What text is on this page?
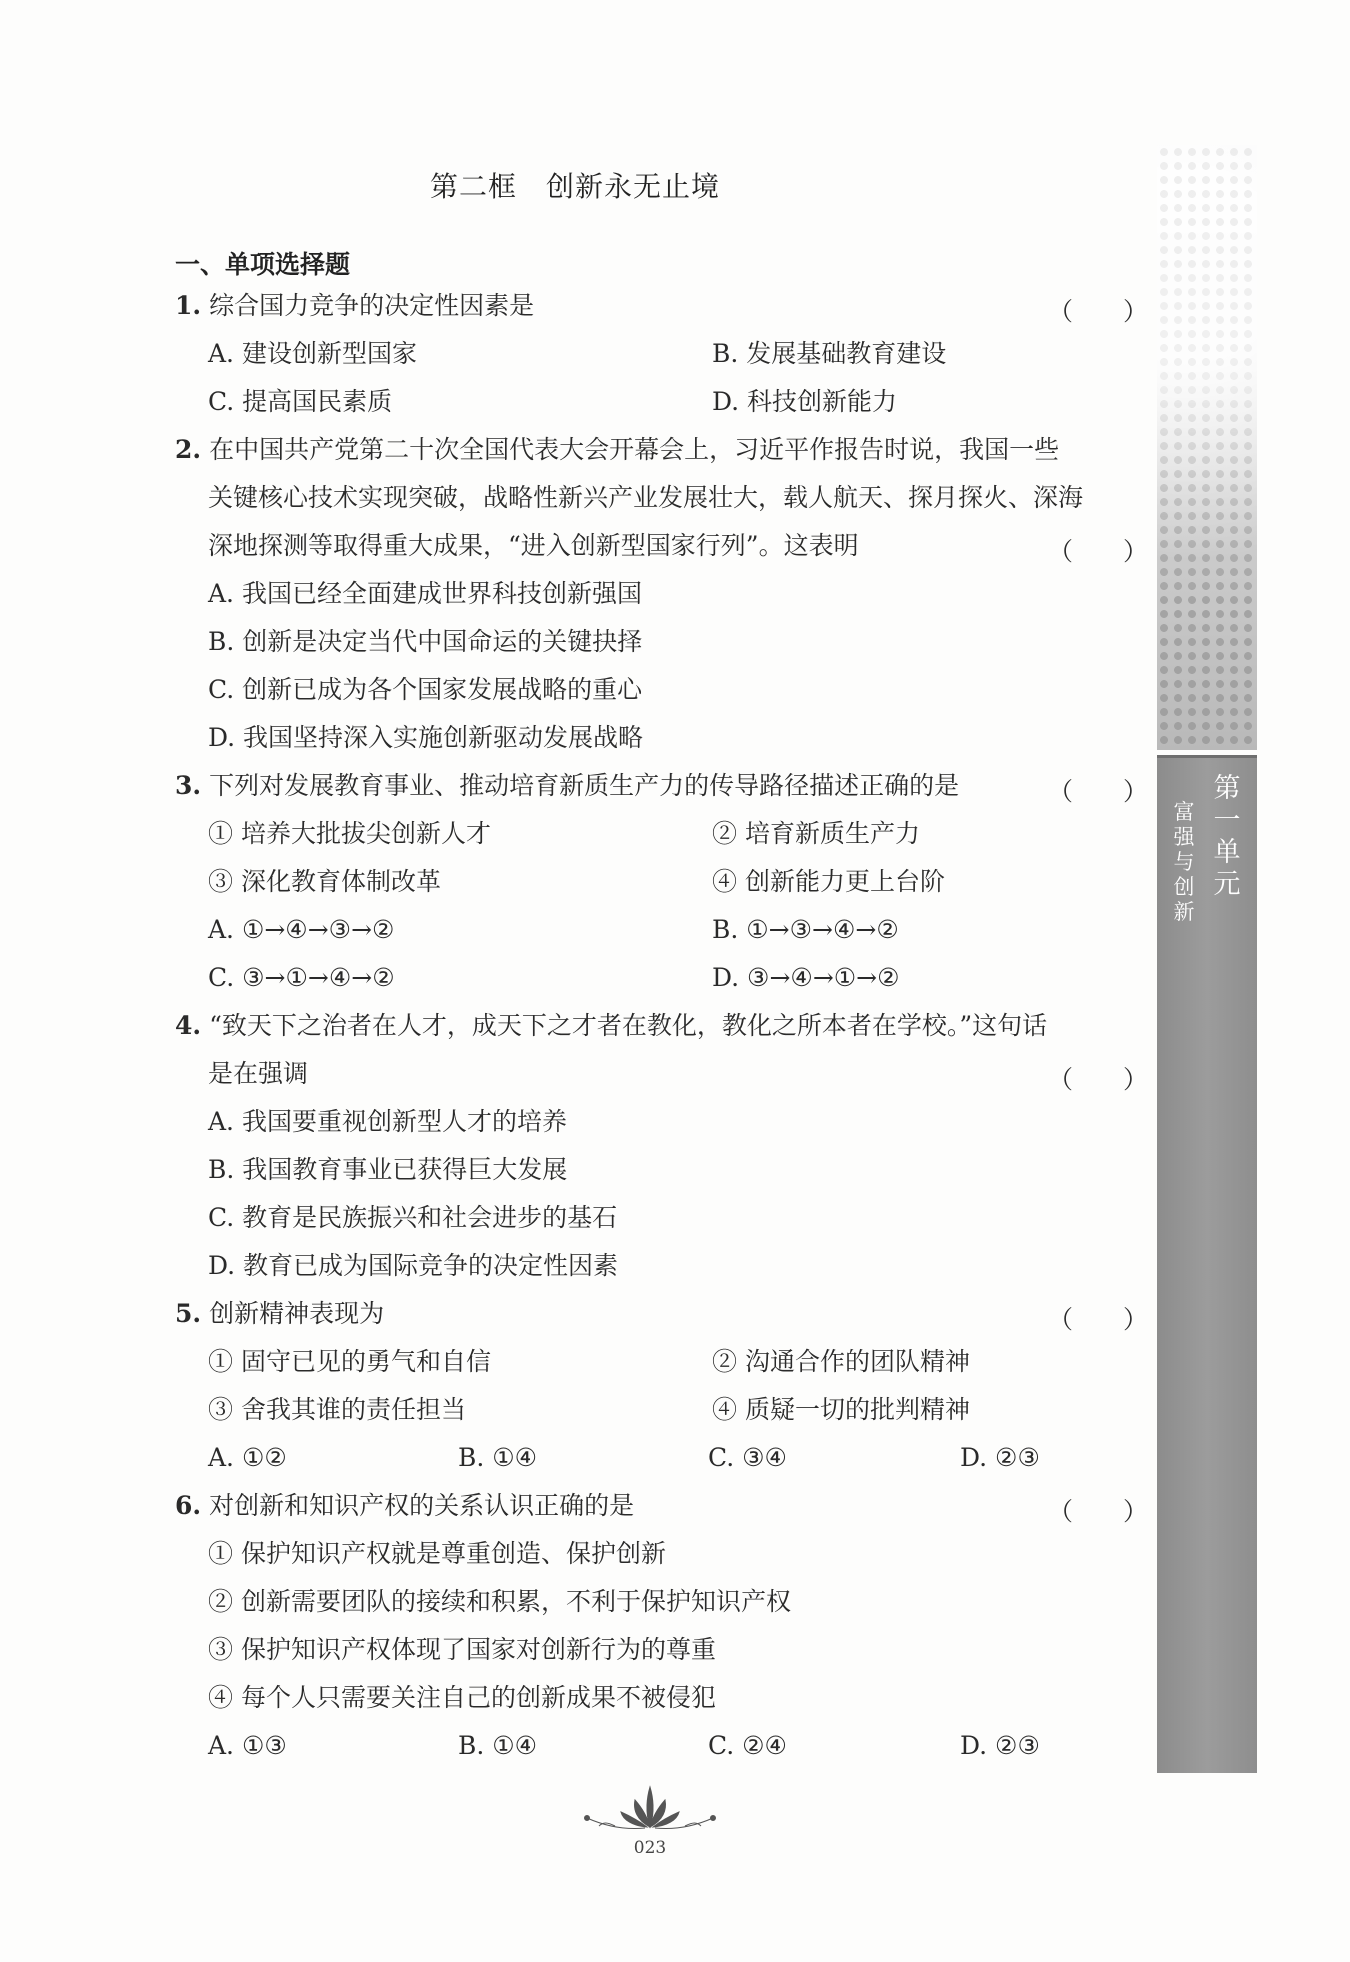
第一单元
富强与创新
第二框　创新永无止境
一、单项选择题
1. 综合国力竞争的决定性因素是	（　　）
A. 建设创新型国家	B. 发展基础教育建设
C. 提高国民素质	D. 科技创新能力
2. 在中国共产党第二十次全国代表大会开幕会上，习近平作报告时说，我国一些
关键核心技术实现突破，战略性新兴产业发展壮大，载人航天、探月探火、深海
深地探测等取得重大成果，“进入创新型国家行列”。这表明	（　　）
A. 我国已经全面建成世界科技创新强国
B. 创新是决定当代中国命运的关键抉择
C. 创新已成为各个国家发展战略的重心
D. 我国坚持深入实施创新驱动发展战略
3. 下列对发展教育事业、推动培育新质生产力的传导路径描述正确的是	（　　）
① 培养大批拔尖创新人才	② 培育新质生产力
③ 深化教育体制改革	④ 创新能力更上台阶
A. ①→④→③→②	B. ①→③→④→②
C. ③→①→④→②	D. ③→④→①→②
4. “致天下之治者在人才，成天下之才者在教化，教化之所本者在学校。”这句话
是在强调	（　　）
A. 我国要重视创新型人才的培养
B. 我国教育事业已获得巨大发展
C. 教育是民族振兴和社会进步的基石
D. 教育已成为国际竞争的决定性因素
5. 创新精神表现为	（　　）
① 固守已见的勇气和自信	② 沟通合作的团队精神
③ 舍我其谁的责任担当	④ 质疑一切的批判精神
A. ①②	B. ①④	C. ③④	D. ②③
6. 对创新和知识产权的关系认识正确的是	（　　）
① 保护知识产权就是尊重创造、保护创新
② 创新需要团队的接续和积累，不利于保护知识产权
③ 保护知识产权体现了国家对创新行为的尊重
④ 每个人只需要关注自己的创新成果不被侵犯
A. ①③	B. ①④	C. ②④	D. ②③
023
